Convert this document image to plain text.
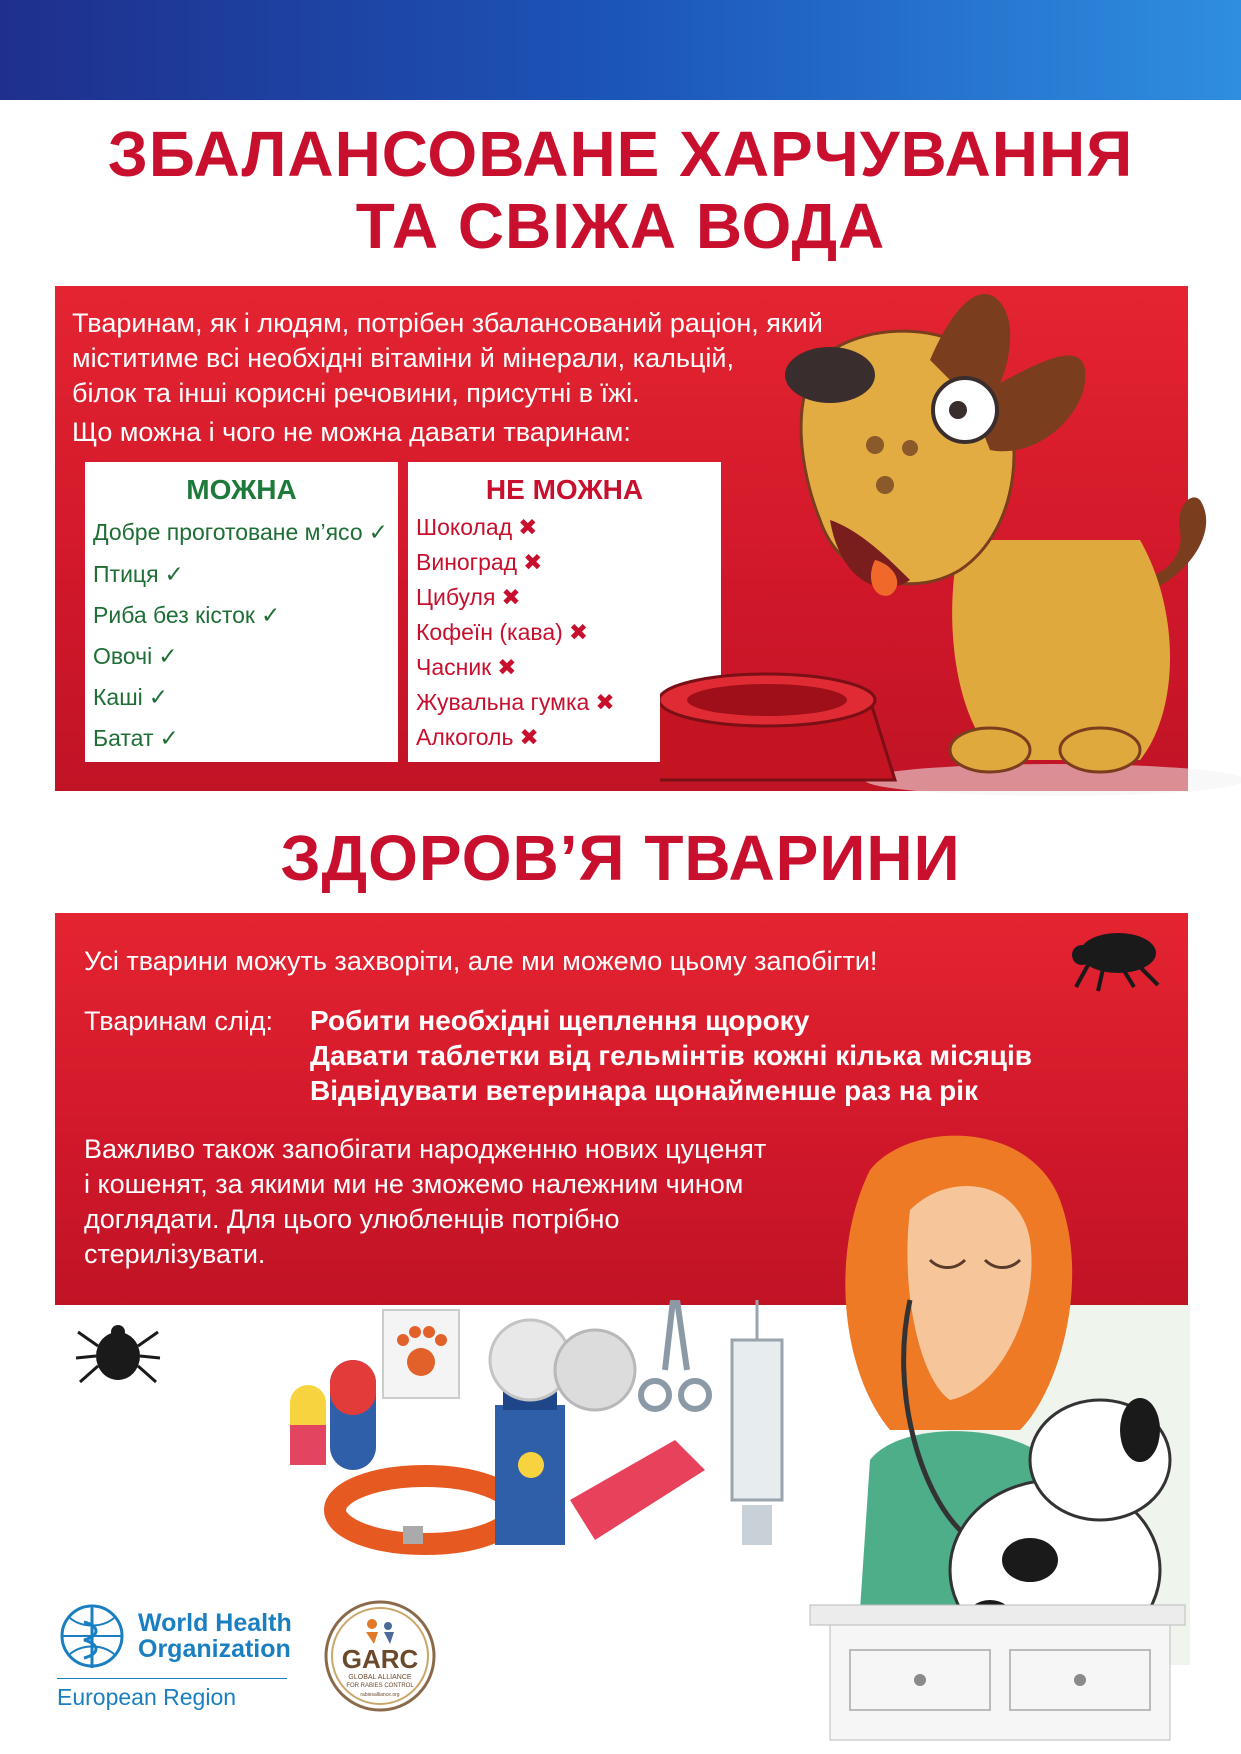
ЗБАЛАНСОВАНЕ ХАРЧУВАННЯ
ТА СВІЖА ВОДА
Тваринам, як і людям, потрібен збалансований раціон, який
міститиме всі необхідні вітаміни й мінерали, кальцій,
білок та інші корисні речовини, присутні в їжі.
Що можна і чого не можна давати тваринам:
МОЖНА
Добре проготоване м’ясо ✓
Птиця ✓
Риба без кісток ✓
Овочі ✓
Каші ✓
Батат ✓
НЕ МОЖНА
Шоколад ✖
Виноград ✖
Цибуля ✖
Кофеїн (кава) ✖
Часник ✖
Жувальна гумка ✖
Алкоголь ✖
ЗДОРОВ’Я ТВАРИНИ
Усі тварини можуть захворіти, але ми можемо цьому запобігти!
Тваринам слід: Робити необхідні щеплення щороку
Давати таблетки від гельмінтів кожні кілька місяців
Відвідувати ветеринара щонайменше раз на рік
Важливо також запобігати народженню нових цуценят
і кошенят, за якими ми не зможемо належним чином
доглядати. Для цього улюбленців потрібно
стерилізувати.
World Health
Organization
European Region
GARC
GLOBAL ALLIANCE
FOR RABIES CONTROL
rabiesalliance.org
